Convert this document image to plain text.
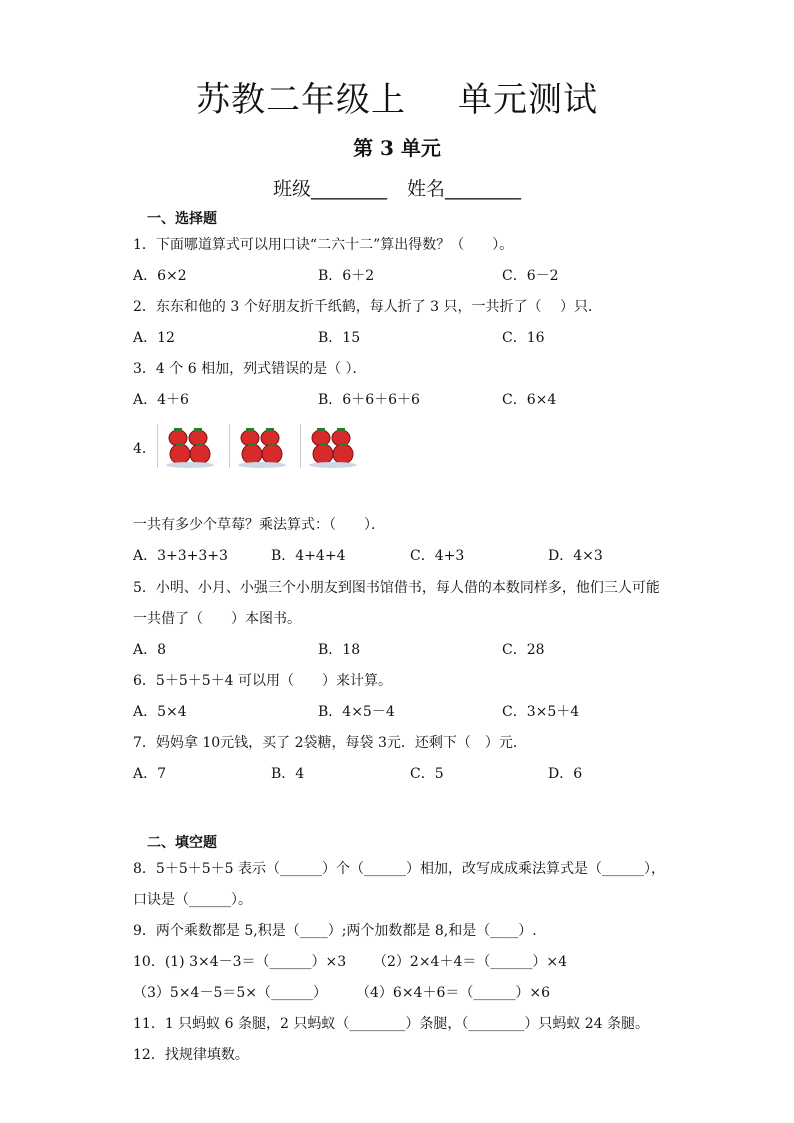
苏教二年级上 单元测试
第 3 单元
班级________ 姓名________
一、选择题
1．下面哪道算式可以用口诀“二六十二”算出得数？（　　）。
A．6×2	B．6＋2	C．6－2
2．东东和他的 3 个好朋友折千纸鹤，每人折了 3 只，一共折了（　 ）只．
A．12	B．15	C．16
3．4 个 6 相加，列式错误的是（ ）．
A．4＋6	B．6＋6＋6＋6	C．6×4
4．
一共有多少个草莓？乘法算式：（　　）．
A．3+3+3+3	B．4+4+4	C．4+3	D．4×3
5．小明、小月、小强三个小朋友到图书馆借书，每人借的本数同样多，他们三人可能
一共借了（　　）本图书。
A．8	B．18	C．28
6．5＋5＋5＋4 可以用（　　）来计算。
A．5×4	B．4×5－4	C．3×5＋4
7．妈妈拿 10元钱，买了 2袋糖，每袋 3元．还剩下（　）元．
A．7	B．4	C．5	D．6
二、填空题
8．5＋5＋5＋5 表示（______）个（______）相加，改写成成乘法算式是（______），
口诀是（______）。
9．两个乘数都是 5,积是（____）;两个加数都是 8,和是（____）.
10．(1) 3×4－3＝（______）×3 （2）2×4＋4＝（______）×4
（3）5×4－5＝5×（______） （4）6×4＋6＝（______）×6
11．1 只蚂蚁 6 条腿，2 只蚂蚁（________）条腿，（________）只蚂蚁 24 条腿。
12．找规律填数。
